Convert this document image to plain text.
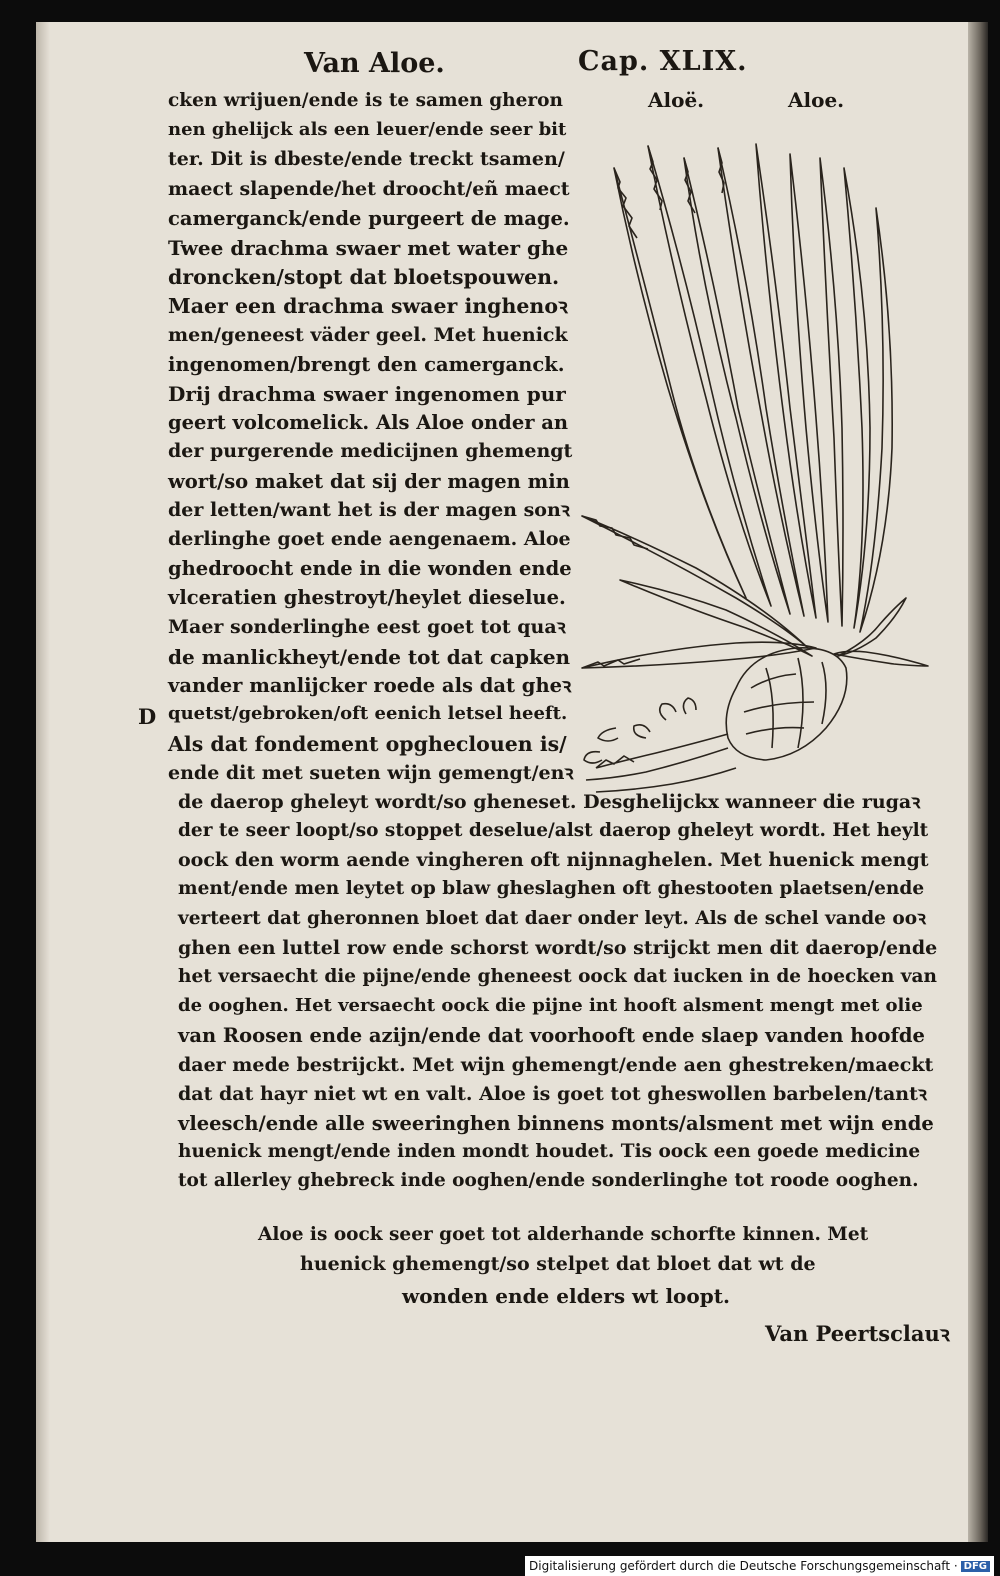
Van Aloe.	Cap. XLIX.
Aloë.	Aloe.
cken wrijuen/ende is te samen gheron
nen ghelijck als een leuer/ende seer bit
ter. Dit is dbeste/ende treckt tsamen/
maect slapende/het droocht/eñ maect
camerganck/ende purgeert de mage.
Twee drachma swaer met water ghe
droncken/stopt dat bloetspouwen.
Maer een drachma swaer inghenoꝛ
men/geneest väder geel. Met huenick
ingenomen/brengt den camerganck.
Drij drachma swaer ingenomen pur
geert volcomelick. Als Aloe onder an
der purgerende medicijnen ghemengt
wort/so maket dat sij der magen min
der letten/want het is der magen sonꝛ
derlinghe goet ende aengenaem. Aloe
ghedroocht ende in die wonden ende
vlceratien ghestroyt/heylet dieselue.
Maer sonderlinghe eest goet tot quaꝛ
de manlickheyt/ende tot dat capken
vander manlijcker roede als dat gheꝛ
quetst/gebroken/oft eenich letsel heeft.
Als dat fondement opgheclouen is/
ende dit met sueten wijn gemengt/enꝛ
de daerop gheleyt wordt/so gheneset. Desghelijckx wanneer die rugaꝛ
der te seer loopt/so stoppet deselue/alst daerop gheleyt wordt. Het heylt
oock den worm aende vingheren oft nijnnaghelen. Met huenick mengt
ment/ende men leytet op blaw gheslaghen oft ghestooten plaetsen/ende
verteert dat gheronnen bloet dat daer onder leyt. Als de schel vande ooꝛ
ghen een luttel row ende schorst wordt/so strijckt men dit daerop/ende
het versaecht die pijne/ende gheneest oock dat iucken in de hoecken van
de ooghen. Het versaecht oock die pijne int hooft alsment mengt met olie
van Roosen ende azijn/ende dat voorhooft ende slaep vanden hoofde
daer mede bestrijckt. Met wijn ghemengt/ende aen ghestreken/maeckt
dat dat hayr niet wt en valt. Aloe is goet tot gheswollen barbelen/tantꝛ
vleesch/ende alle sweeringhen binnens monts/alsment met wijn ende
huenick mengt/ende inden mondt houdet. Tis oock een goede medicine
tot allerley ghebreck inde ooghen/ende sonderlinghe tot roode ooghen.
Aloe is oock seer goet tot alderhande schorfte kinnen. Met
huenick ghemengt/so stelpet dat bloet dat wt de
wonden ende elders wt loopt.
D
Van Peertsclauꝛ
Digitalisierung gefördert durch die Deutsche Forschungsgemeinschaft · DFG
